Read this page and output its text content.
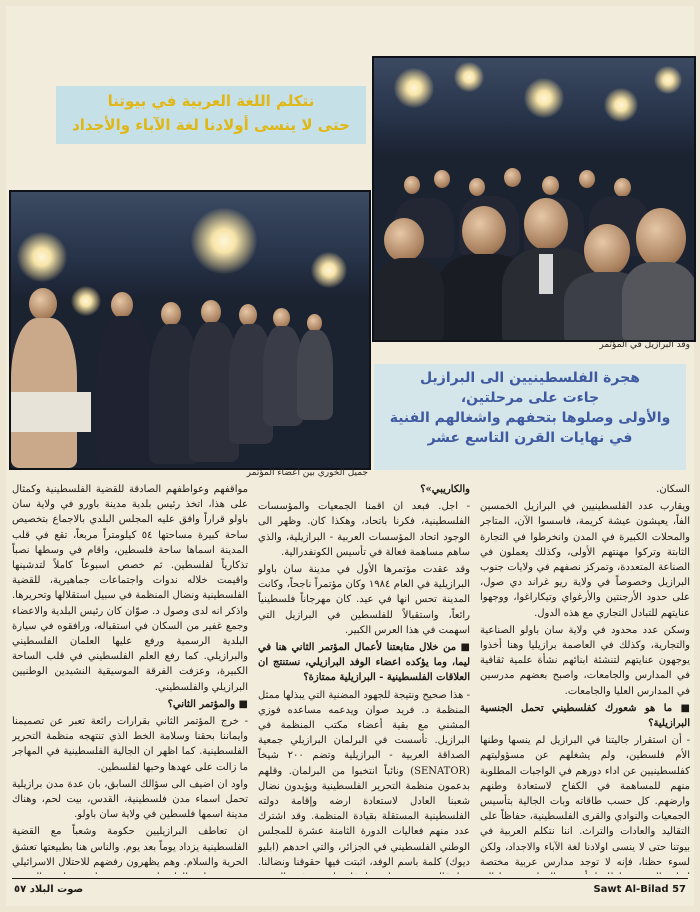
وفد البرازيل في المؤتمر
نتكلم اللغة العربية في بيوتنا
حتى لا ينسى أولادنا لغة الآباء والأجداد
جميل الخوري بين أعضاء المؤتمر
هجرة الفلسطينيين الى البرازيل
جاءت على مرحلتين،
والأولى وصلوها بتحفهم واشغالهم الفنية
في نهايات القرن التاسع عشر

السكان.

ويقارب عدد الفلسطينيين في البرازيل الخمسين الفاً، يعيشون عيشة كريمة، فاسسوا الآن، المتاجر والمحلات الكبيرة في المدن وانخرطوا في التجارة الثابتة وتركوا مهنتهم الأولى، وكذلك يعملون في الصناعة المتعددة، وتمركز نصفهم في ولايات جنوب البرازيل وخصوصاً في ولاية ريو غراند دي صول، على حدود الأرجنتين والأرغواي وتيكاراغوا، ووجهوا عنايتهم للتبادل التجاري مع هذه الدول.

وسكن عدد محدود في ولاية سان باولو الصناعية والتجارية، وكذلك في العاصمة برازيليا وهنا أخذوا يوجهون عنايتهم لتنشئة ابنائهم نشأة علمية ثقافية في المدارس والجامعات، واصبح بعضهم مدرسين في المدارس العليا والجامعات.

■ ما هو شعورك كفلسطيني تحمل الجنسية البرازيلية؟

- أن استقرار جاليتنا في البرازيل لم ينسها وطنها الأم فلسطين، ولم يشغلهم عن مسؤوليتهم كفلسطينيين عن اداء دورهم في الواجبات المطلوبة منهم للمساهمة في الكفاح لاستعادة وطنهم وارضهم. كل حسب طاقاته وبات الجالية بتأسيس الجمعيات والنوادي والقرى الفلسطينية، حفاظاً على التقاليد والعادات والتراث. اننا نتكلم العربية في بيوتنا حتى لا ينسى اولادنا لغة الآباء والاجداد، ولكن لسوء حظنا، فإنه لا توجد مدارس عربية مختصة

والكاريبي»؟

- اجل. فبعد ان اقمنا الجمعيات والمؤسسات الفلسطينية، فكرنا باتحاد، وهكذا كان. وظهر الى الوجود اتحاد المؤسسات العربية - البرازيلية، والذي ساهم مساهمة فعالة في تأسيس الكونفدرالية.

وقد عقدت مؤتمرها الأول في مدينة سان باولو البرازيلية في العام ١٩٨٤ وكان مؤتمراً ناجحاً، وكانت المدينة تحس انها في عيد. كان مهرجاناً فلسطينياً رائعاً، واستقبالاً للفلسطين في البرازيل التي اسهمت في هذا العرس الكبير.

■ من خلال متابعتنا لأعمال المؤتمر الثاني هنا في ليما، وما يؤكده اعضاء الوفد البرازيلي، نستنتج ان العلاقات الفلسطينية - البرازيلية ممتازة؟

- هذا صحيح ونتيجة للجهود المضنية التي يبذلها ممثل المنظمة د. فريد صوان ويدعمه مساعده فوزي المشني مع بقية أعضاء مكتب المنظمة في البرازيل. تأسست في البرلمان البرازيلي جمعية الصداقة العربية - البرازيلية وتضم ٢٠٠ شيخاً (SENATOR) ونائباً انتخبوا من البرلمان. وقلهم بدعمون منظمة التحرير الفلسطينية ويؤيدون نضال شعبنا العادل لاستعادة ارضه وإقامة دولته الفلسطينية المستقلة بقيادة المنظمة. وقد اشترك عدد منهم فعاليات الدورة الثامنة عشرة للمجلس الوطني الفلسطيني في الجزائر، والتي احدهم (ابليو ديوك) كلمة باسم الوفد، اثبتت فيها حقوقنا ونضالنا.

مواقفهم وعواطفهم الصادقة للقضية الفلسطينية وكمثال على هذا، اتخذ رئيس بلدية مدينة باورو في ولاية سان باولو قراراً وافق عليه المجلس البلدي بالاجماع بتخصيص ساحة كبيرة مساحتها ٥٤ كيلومتراً مربعاً، تقع في قلب المدينة اسماها ساحة فلسطين، واقام في وسطها نصباً تذكارياً لفلسطين. ثم خصص اسبوعاً كاملاً لتدشينها واقيمت خلاله ندوات واجتماعات جماهيرية، للقضية الفلسطينية ونضال المنظمة في سبيل استقلالها وتحريرها. واذكر انه لدى وصول د. صوّان كان رئيس البلدية والاعضاء وجمع غفير من السكان في استقباله، ورافقوه في سيارة البلدية الرسمية ورفع عليها العلمان الفلسطيني والبرازيلي. كما رفع العلم الفلسطيني في قلب الساحة الكبيرة، وعزفت الفرقة الموسيقية النشيدين الوطنيين البرازيلي والفلسطيني.

■ والمؤتمر الثاني؟

- خرج المؤتمر الثاني بقرارات رائعة تعبر عن تصميمنا وايماننا بحقنا وسلامة الخط الذي تنتهجه منظمة التحرير الفلسطينية. كما اظهر ان الجالية الفلسطينية في المهاجر ما زالت على عهدها وحبها لفلسطين.

واود ان اضيف الى سؤالك السابق، بان عدة مدن برازيلية تحمل اسماء مدن فلسطينية، القدس، بيت لحم، وهناك مدينة اسمها فلسطين في ولاية سان باولو.

ان تعاطف البرازيليين حكومة وشعباً مع القضية الفلسطينية يزداد يوماً بعد يوم. والناس هنا بطبيعتها تعشق الحرية والسلام. وهم يظهرون رفضهم للاحتلال الاسرائيلي

صوت البلاد ٥٧	Sawt Al-Bilad 57
